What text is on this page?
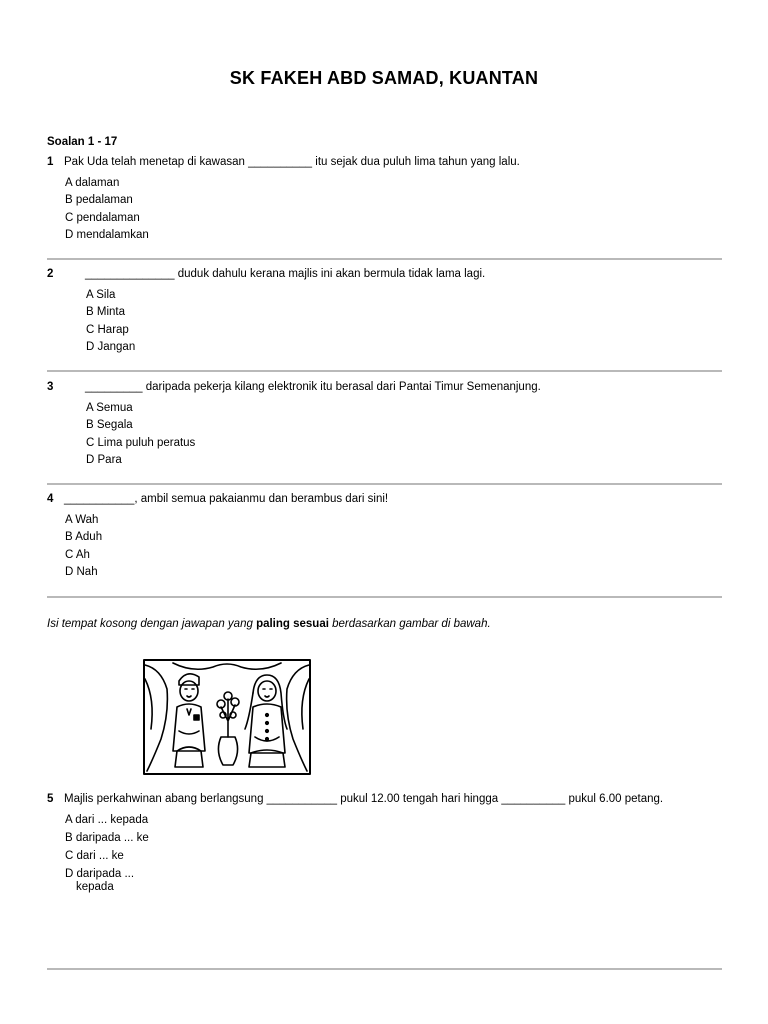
SK FAKEH ABD SAMAD, KUANTAN
Soalan 1 - 17
1 Pak Uda telah menetap di kawasan __________ itu sejak dua puluh lima tahun yang lalu.
A dalaman
B pedalaman
C pendalaman
D mendalamkan
2	______________ duduk dahulu kerana majlis ini akan bermula tidak lama lagi.
A Sila
B Minta
C Harap
D Jangan
3	_________ daripada pekerja kilang elektronik itu berasal dari Pantai Timur Semenanjung.
A Semua
B Segala
C Lima puluh peratus
D Para
4 ___________, ambil semua pakaianmu dan berambus dari sini!
A Wah
B Aduh
C Ah
D Nah
Isi tempat kosong dengan jawapan yang paling sesuai berdasarkan gambar di bawah.
5 Majlis perkahwinan abang berlangsung ___________ pukul 12.00 tengah hari hingga __________ pukul 6.00 petang.
A dari ... kepada
B daripada ... ke
C dari ... ke
D daripada ...
kepada
